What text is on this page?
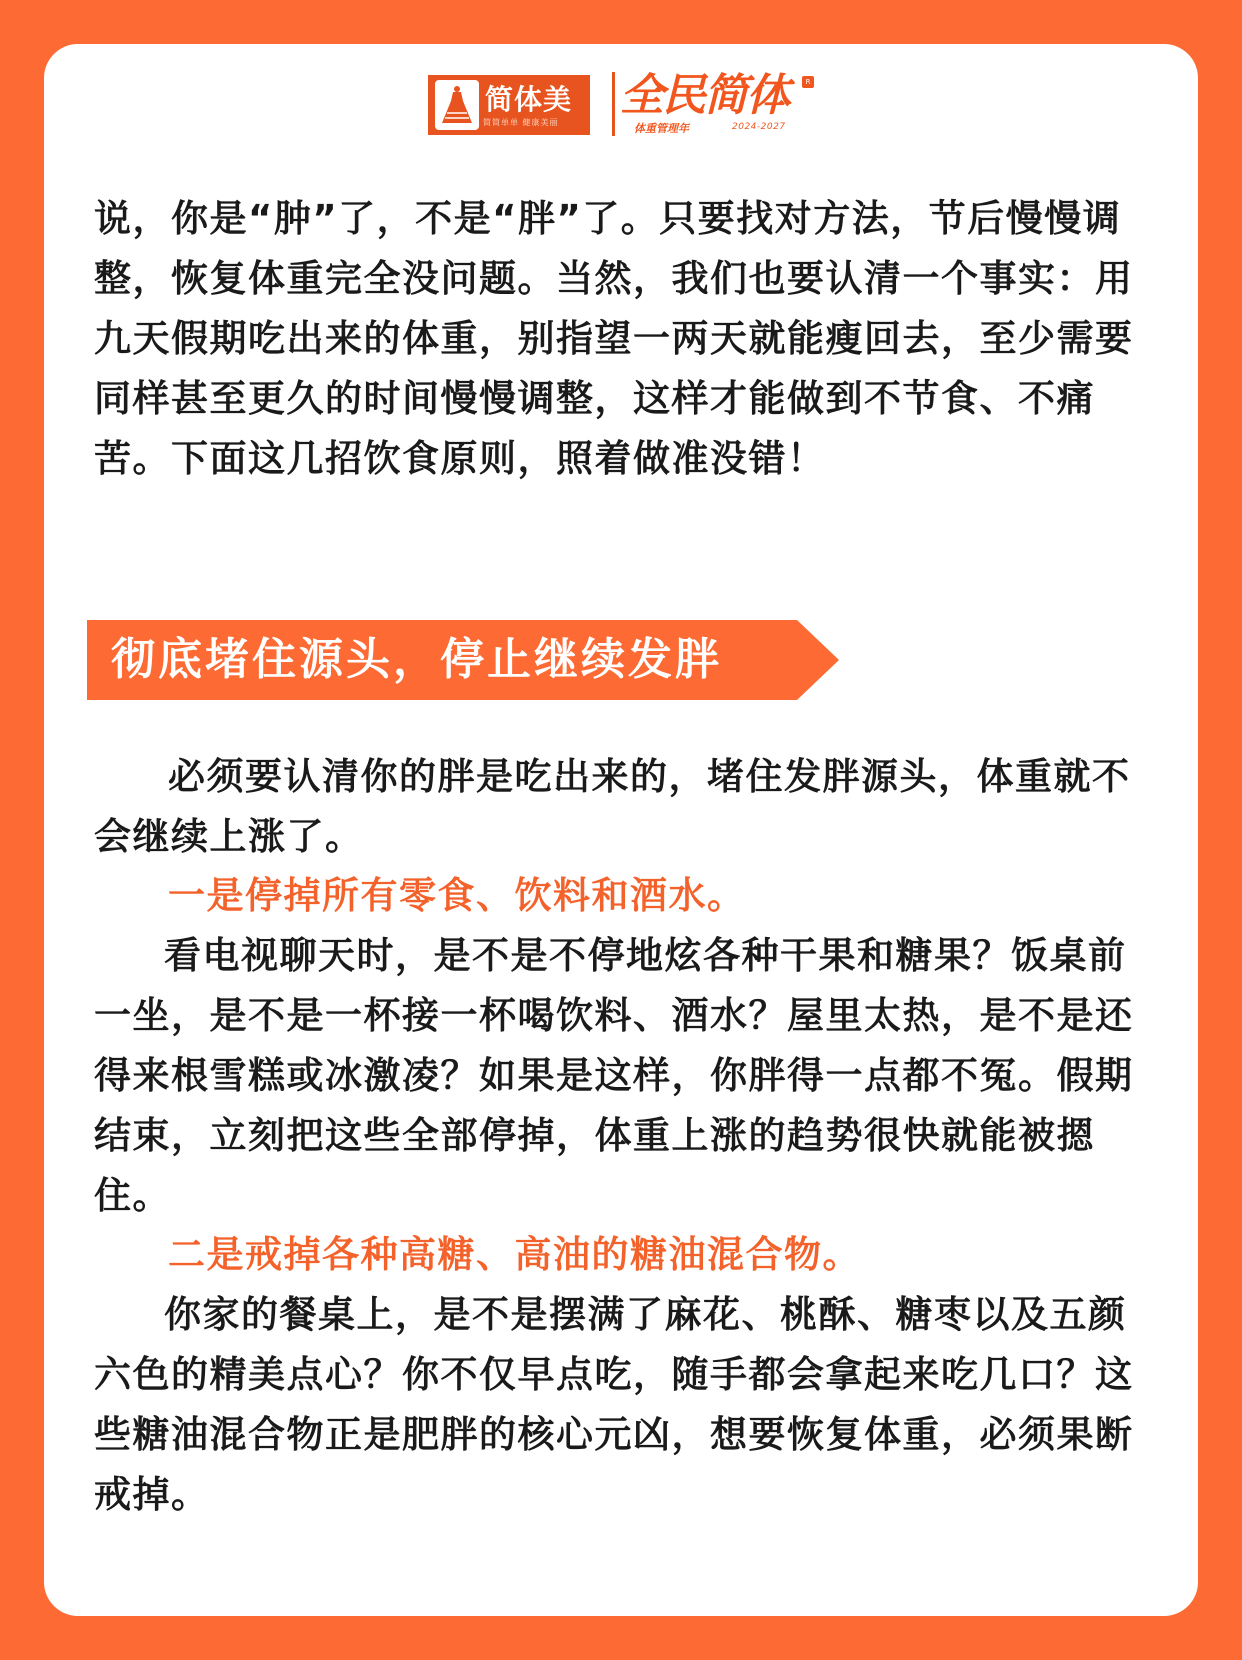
简体美
简简单单 健康美丽
全民简体
体重管理年	2024-2027
R

说，你是“肿”了，不是“胖”了。只要找对方法，节后慢慢调整，恢复体重完全没问题。当然，我们也要认清一个事实：用九天假期吃出来的体重，别指望一两天就能瘦回去，至少需要同样甚至更久的时间慢慢调整，这样才能做到不节食、不痛苦。下面这几招饮食原则，照着做准没错！

彻底堵住源头，停止继续发胖

必须要认清你的胖是吃出来的，堵住发胖源头，体重就不会继续上涨了。

一是停掉所有零食、饮料和酒水。

看电视聊天时，是不是不停地炫各种干果和糖果？饭桌前一坐，是不是一杯接一杯喝饮料、酒水？屋里太热，是不是还得来根雪糕或冰激凌？如果是这样，你胖得一点都不冤。假期结束，立刻把这些全部停掉，体重上涨的趋势很快就能被摁住。

二是戒掉各种高糖、高油的糖油混合物。

你家的餐桌上，是不是摆满了麻花、桃酥、糖枣以及五颜六色的精美点心？你不仅早点吃，随手都会拿起来吃几口？这些糖油混合物正是肥胖的核心元凶，想要恢复体重，必须果断戒掉。
